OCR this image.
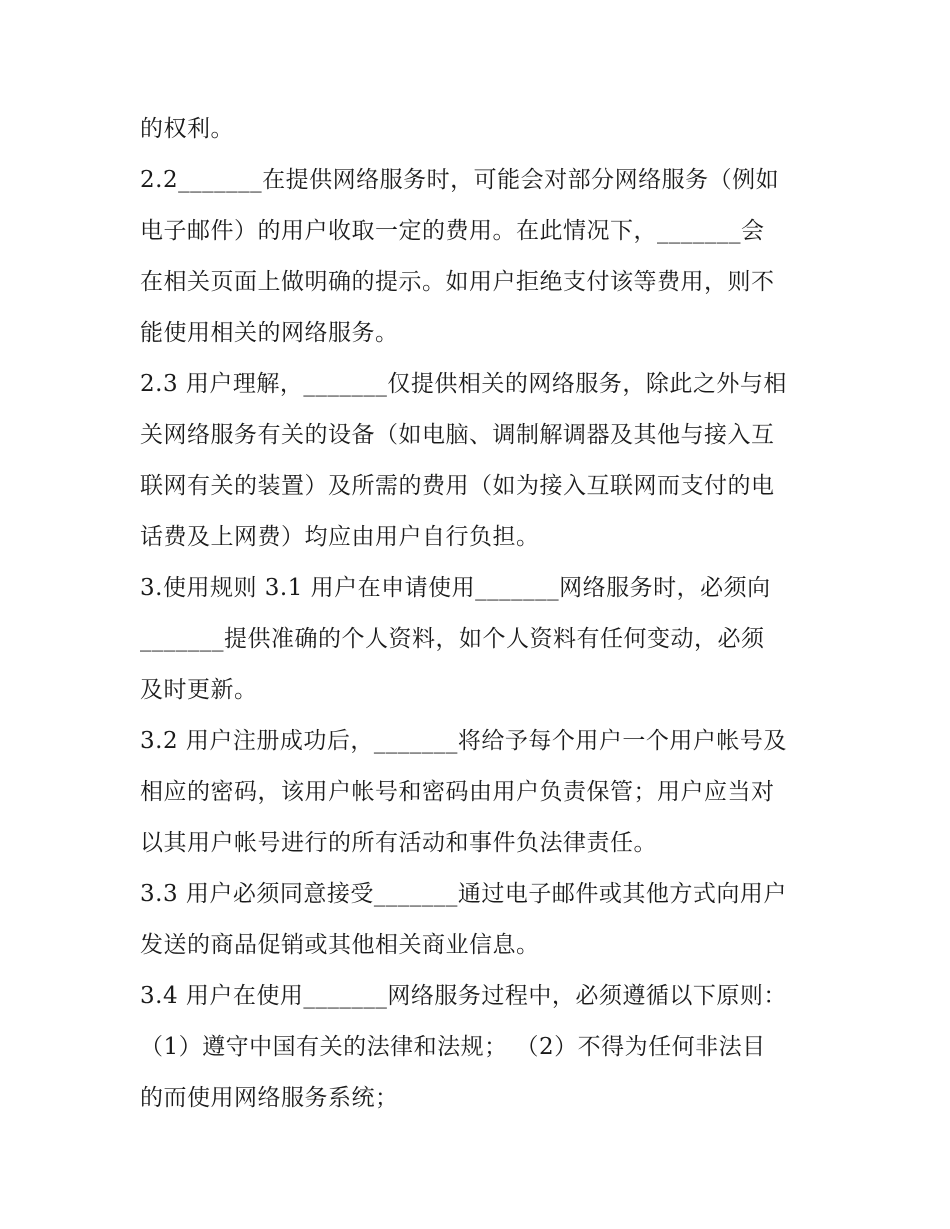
的权利。
2.2_______在提供网络服务时，可能会对部分网络服务（例如
电子邮件）的用户收取一定的费用。在此情况下，_______会
在相关页面上做明确的提示。如用户拒绝支付该等费用，则不
能使用相关的网络服务。
2.3 用户理解，_______仅提供相关的网络服务，除此之外与相
关网络服务有关的设备（如电脑、调制解调器及其他与接入互
联网有关的装置）及所需的费用（如为接入互联网而支付的电
话费及上网费）均应由用户自行负担。
3.使用规则 3.1 用户在申请使用_______网络服务时，必须向
_______提供准确的个人资料，如个人资料有任何变动，必须
及时更新。
3.2 用户注册成功后，_______将给予每个用户一个用户帐号及
相应的密码，该用户帐号和密码由用户负责保管；用户应当对
以其用户帐号进行的所有活动和事件负法律责任。
3.3 用户必须同意接受_______通过电子邮件或其他方式向用户
发送的商品促销或其他相关商业信息。
3.4 用户在使用_______网络服务过程中，必须遵循以下原则：
（1）遵守中国有关的法律和法规； （2）不得为任何非法目
的而使用网络服务系统；
